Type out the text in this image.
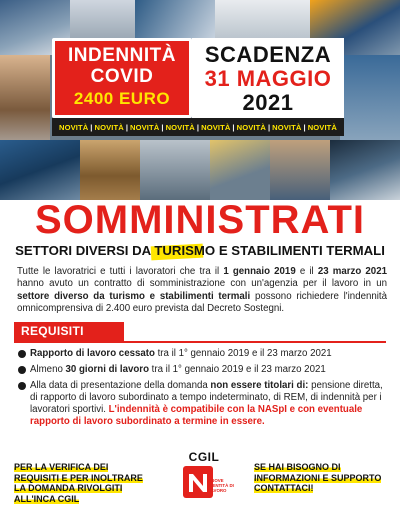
INDENNITÀ
COVID
2400 EURO
SCADENZA
31 MAGGIO
2021
NOVITÀ | NOVITÀ | NOVITÀ | NOVITÀ | NOVITÀ | NOVITÀ | NOVITÀ | NOVITÀ
SOMMINISTRATI
SETTORI DIVERSI DA TURISMO E STABILIMENTI TERMALI

Tutte le lavoratrici e tutti i lavoratori che tra il 1 gennaio 2019 e il 23 marzo 2021 hanno avuto un contratto di somministrazione con un'agenzia per il lavoro in un settore diverso da turismo e stabilimenti termali possono richiedere l'indennità omnicomprensiva di 2.400 euro prevista dal Decreto Sostegni.

REQUISITI
Rapporto di lavoro cessato tra il 1° gennaio 2019 e il 23 marzo 2021
Almeno 30 giorni di lavoro tra il 1° gennaio 2019 e il 23 marzo 2021
Alla data di presentazione della domanda non essere titolari di: pensione diretta, di rapporto di lavoro subordinato a tempo indeterminato, di REM, di indennità per i lavoratori sportivi. L'indennità è compatibile con la NASpI e con eventuale rapporto di lavoro subordinato a termine in essere.
PER LA VERIFICA DEI REQUISITI E PER INOLTRARE LA DOMANDA RIVOLGITI ALL'INCA CGIL
CGIL
NUOVE IDENTITÀ DI LAVORO
SE HAI BISOGNO DI INFORMAZIONI E SUPPORTO CONTATTACI!
